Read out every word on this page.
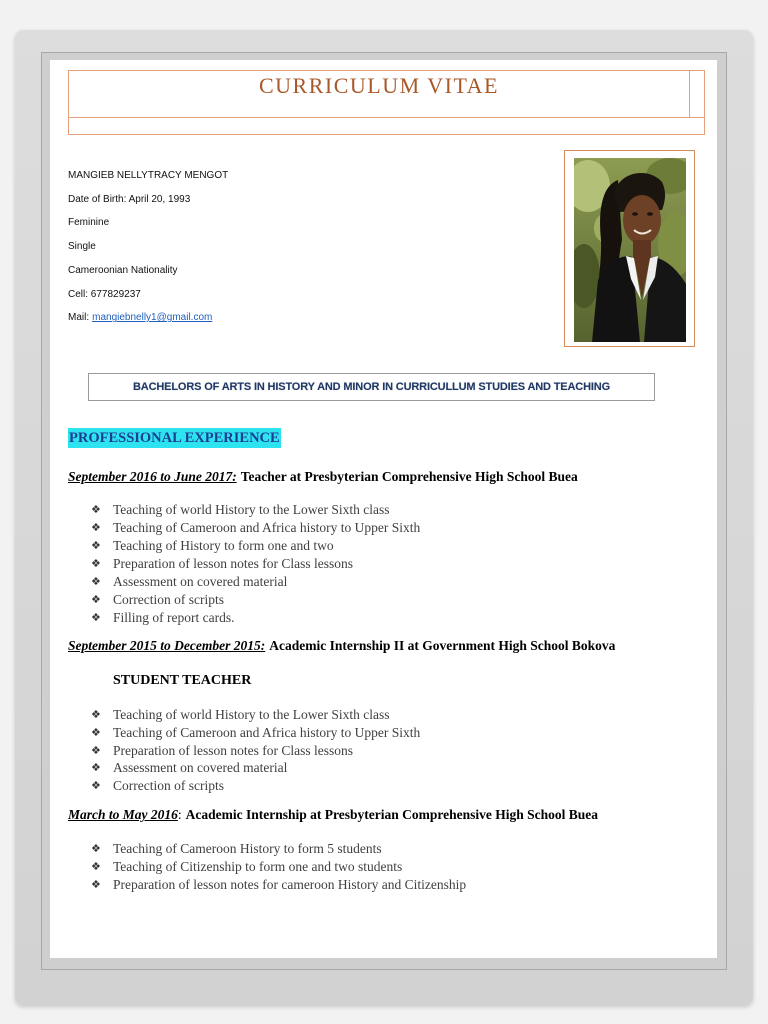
CURRICULUM VITAE
MANGIEB NELLYTRACY MENGOT
Date of Birth: April 20, 1993
Feminine
Single
Cameroonian Nationality
Cell: 677829237
Mail: mangiebnelly1@gmail.com
BACHELORS OF ARTS IN HISTORY AND MINOR IN CURRICULLUM STUDIES AND TEACHING
PROFESSIONAL EXPERIENCE
September 2016 to June 2017: Teacher at Presbyterian Comprehensive High School Buea
❖
Teaching of world History to the Lower Sixth class
❖
Teaching of Cameroon and Africa history to Upper Sixth
❖
Teaching of History to form one and two
❖
Preparation of lesson notes for Class lessons
❖
Assessment on covered material
❖
Correction of scripts
❖
Filling of report cards.
September 2015 to December 2015: Academic Internship II at Government High School Bokova
STUDENT TEACHER
❖
Teaching of world History to the Lower Sixth class
❖
Teaching of Cameroon and Africa history to Upper Sixth
❖
Preparation of lesson notes for Class lessons
❖
Assessment on covered material
❖
Correction of scripts
March to May 2016: Academic Internship at Presbyterian Comprehensive High School Buea
❖
Teaching of Cameroon History to form 5 students
❖
Teaching of Citizenship to form one and two students
❖
Preparation of lesson notes for cameroon History and Citizenship
